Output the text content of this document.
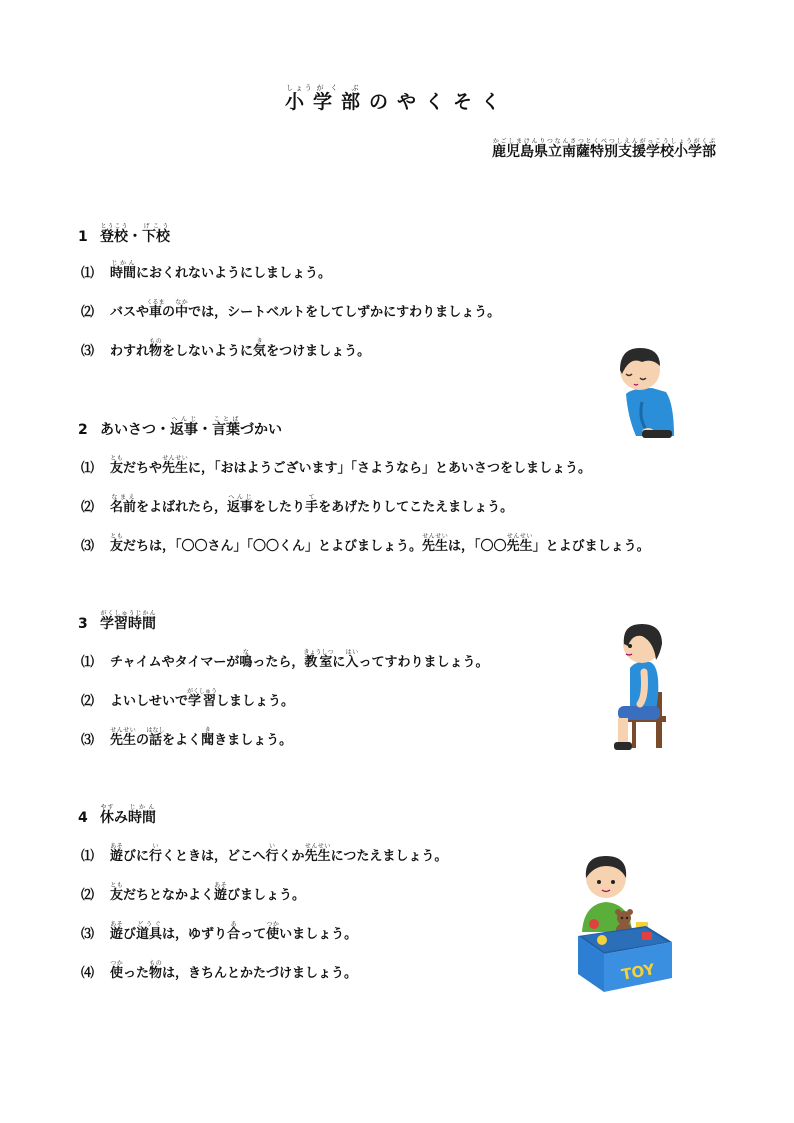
小しょう学がく部ぶのやくそく

鹿児島県立南薩特別支援学校小学部かごしまけんりつなんさつとくべつしえんがっこうしょうがくぶ

1 登校とうこう・下校げこう

⑴ 時間じかんにおくれないようにしましょう。

⑵ バスや車くるまの中なかでは，シートベルトをしてしずかにすわりましょう。

⑶ わすれ物ものをしないように気きをつけましょう。

2 あいさつ・返事へんじ・言葉ことばづかい

⑴ 友ともだちや先生せんせいに，「おはようございます」「さようなら」とあいさつをしましょう。

⑵ 名前なまえをよばれたら，返事へんじをしたり手てをあげたりしてこたえましょう。

⑶ 友ともだちは，「〇〇さん」「〇〇くん」とよびましょう。先生せんせいは，「〇〇先生せんせい」とよびましょう。

3 学習時間がくしゅうじかん

⑴ チャイムやタイマーが鳴なったら，教室きょうしつに入はいってすわりましょう。

⑵ よいしせいで学習がくしゅうしましょう。

⑶ 先生せんせいの話はなしをよく聞ききましょう。

4 休やすみ時間じかん

⑴ 遊あそびに行いくときは，どこへ行いくか先生せんせいにつたえましょう。

⑵ 友ともだちとなかよく遊あそびましょう。

⑶ 遊あそび道具どうぐは，ゆずり合あって使つかいましょう。

⑷ 使つかった物ものは，きちんとかたづけましょう。	TOY
